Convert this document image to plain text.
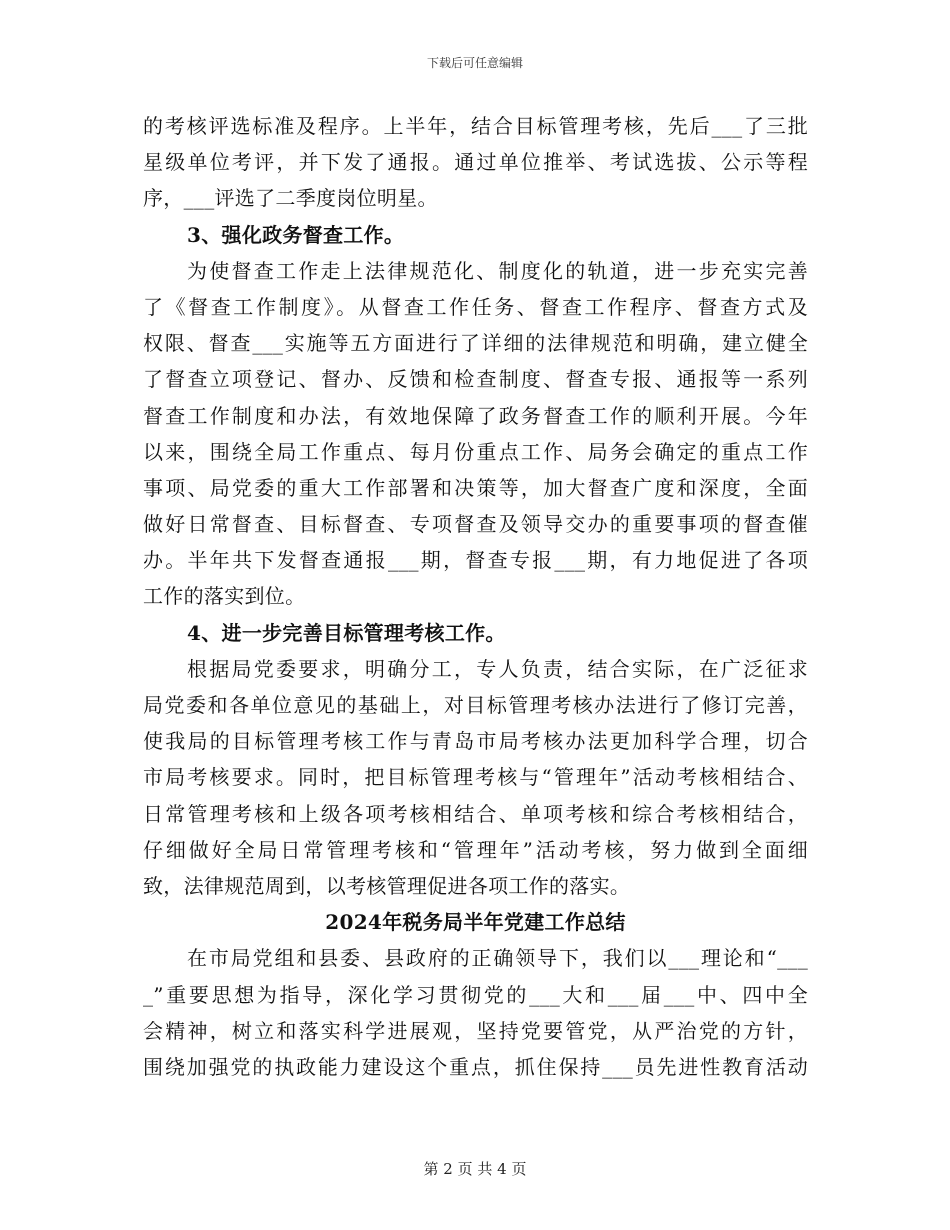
下载后可任意编辑
的考核评选标准及程序。上半年，结合目标管理考核，先后___了三批
星级单位考评，并下发了通报。通过单位推举、考试选拔、公示等程
序，___评选了二季度岗位明星。
3、强化政务督查工作。
为使督查工作走上法律规范化、制度化的轨道，进一步充实完善
了《督查工作制度》。从督查工作任务、督查工作程序、督查方式及
权限、督查___实施等五方面进行了详细的法律规范和明确，建立健全
了督查立项登记、督办、反馈和检查制度、督查专报、通报等一系列
督查工作制度和办法，有效地保障了政务督查工作的顺利开展。今年
以来，围绕全局工作重点、每月份重点工作、局务会确定的重点工作
事项、局党委的重大工作部署和决策等，加大督查广度和深度，全面
做好日常督查、目标督查、专项督查及领导交办的重要事项的督查催
办。半年共下发督查通报___期，督查专报___期，有力地促进了各项
工作的落实到位。
4、进一步完善目标管理考核工作。
根据局党委要求，明确分工，专人负责，结合实际，在广泛征求
局党委和各单位意见的基础上，对目标管理考核办法进行了修订完善，
使我局的目标管理考核工作与青岛市局考核办法更加科学合理，切合
市局考核要求。同时，把目标管理考核与“管理年”活动考核相结合、
日常管理考核和上级各项考核相结合、单项考核和综合考核相结合，
仔细做好全局日常管理考核和“管理年”活动考核，努力做到全面细
致，法律规范周到，以考核管理促进各项工作的落实。
2024年税务局半年党建工作总结
在市局党组和县委、县政府的正确领导下，我们以___理论和“___
_”重要思想为指导，深化学习贯彻党的___大和___届___中、四中全
会精神，树立和落实科学进展观，坚持党要管党，从严治党的方针，
围绕加强党的执政能力建设这个重点，抓住保持___员先进性教育活动
第 2 页 共 4 页
